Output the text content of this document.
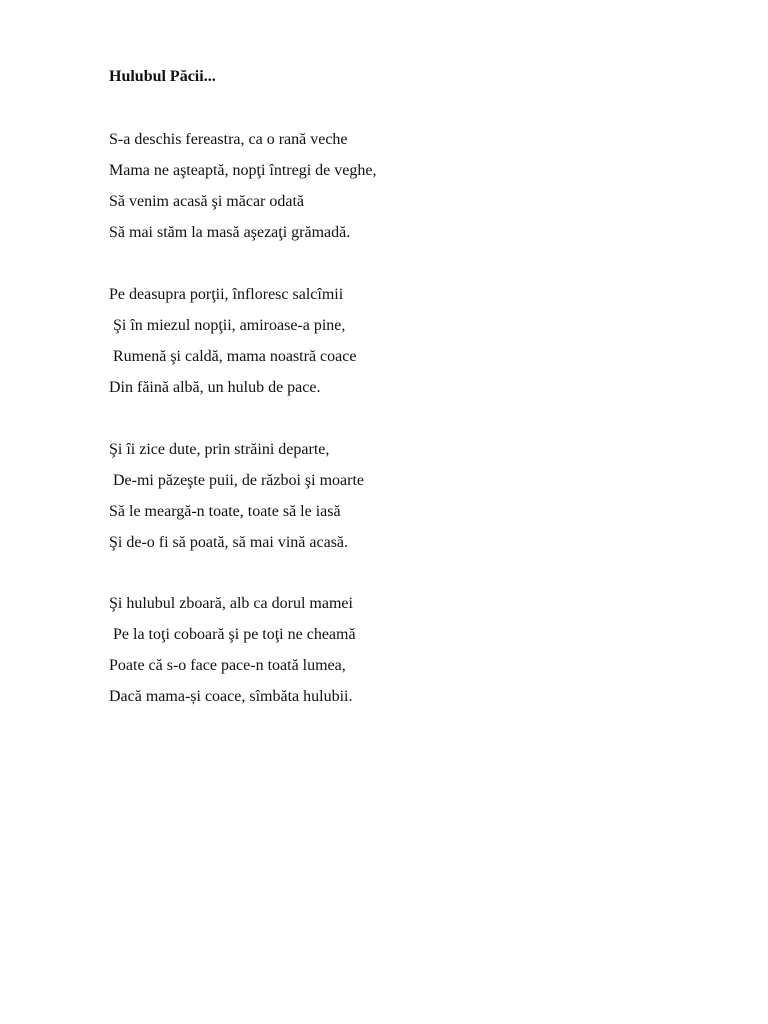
Hulubul Păcii...
S-a deschis fereastra, ca o rană veche
Mama ne aşteaptă, nopţi întregi de veghe,
Să venim acasă şi măcar odată
Să mai stăm la masă aşezaţi grămadă.
Pe deasupra porţii, înfloresc salcîmii
Şi în miezul nopţii, amiroase-a pine,
Rumenă şi caldă, mama noastră coace
Din făină albă, un hulub de pace.
Şi îi zice dute, prin străini departe,
De-mi păzeşte puii, de război şi moarte
Să le meargă-n toate, toate să le iasă
Şi de-o fi să poată, să mai vină acasă.
Şi hulubul zboară, alb ca dorul mamei
Pe la toţi coboară şi pe toţi ne cheamă
Poate că s-o face pace-n toată lumea,
Dacă mama-și coace, sîmbăta hulubii.
